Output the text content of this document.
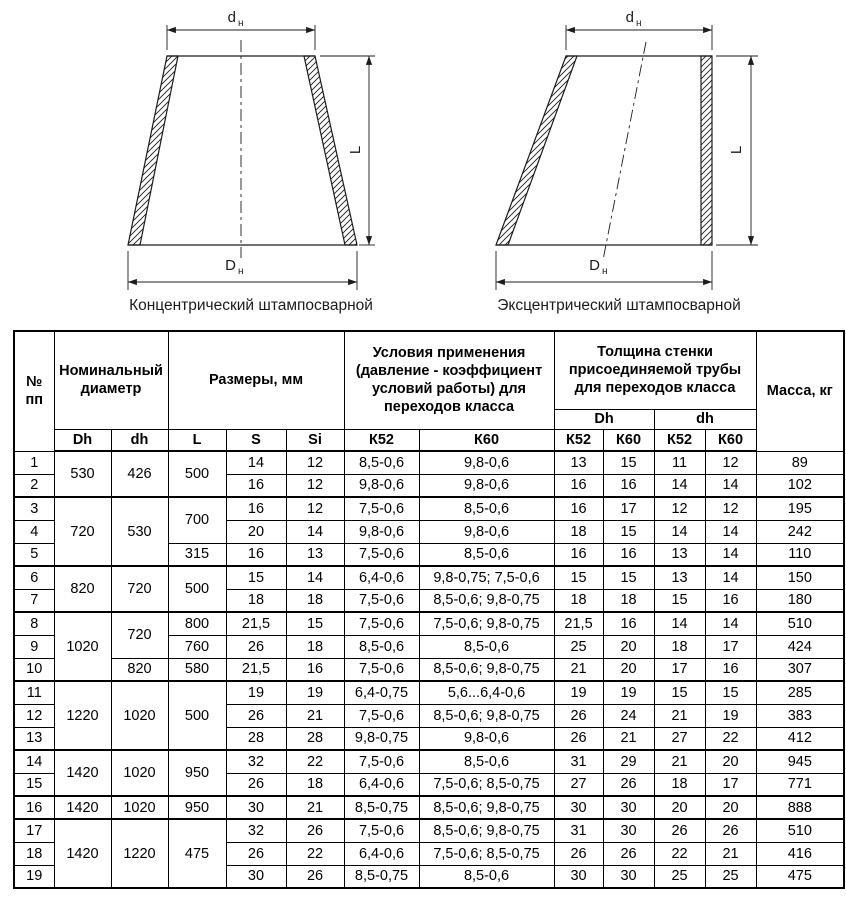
d н
D н
L
Концентрический штампосварной
d н
D н
L
Эксцентрический штампосварной
№ пп	Номинальный диаметр		Размеры, мм			Условия применения (давление - коэффициент условий работы) для переходов класса		Толщина стенки присоединяемой трубы для переходов класса				Масса, кг
								Dh		dh		
	Dh	dh	L	S	Si	К52	К60	К52	К60	К52	К60	
1	530	426	500	14	12	8,5-0,6	9,8-0,6	13	15	11	12	89
2				16	12	9,8-0,6	9,8-0,6	16	16	14	14	102
3	720	530	700	16	12	7,5-0,6	8,5-0,6	16	17	12	12	195
4				20	14	9,8-0,6	9,8-0,6	18	15	14	14	242
5			315	16	13	7,5-0,6	8,5-0,6	16	16	13	14	110
6	820	720	500	15	14	6,4-0,6	9,8-0,75; 7,5-0,6	15	15	13	14	150
7				18	18	7,5-0,6	8,5-0,6; 9,8-0,75	18	18	15	16	180
8	1020	720	800	21,5	15	7,5-0,6	7,5-0,6; 9,8-0,75	21,5	16	14	14	510
9			760	26	18	8,5-0,6	8,5-0,6	25	20	18	17	424
10		820	580	21,5	16	7,5-0,6	8,5-0,6; 9,8-0,75	21	20	17	16	307
11	1220	1020	500	19	19	6,4-0,75	5,6...6,4-0,6	19	19	15	15	285
12				26	21	7,5-0,6	8,5-0,6; 9,8-0,75	26	24	21	19	383
13				28	28	9,8-0,75	9,8-0,6	26	21	27	22	412
14	1420	1020	950	32	22	7,5-0,6	8,5-0,6	31	29	21	20	945
15				26	18	6,4-0,6	7,5-0,6; 8,5-0,75	27	26	18	17	771
16	1420	1020	950	30	21	8,5-0,75	8,5-0,6; 9,8-0,75	30	30	20	20	888
17	1420	1220	475	32	26	7,5-0,6	8,5-0,6; 9,8-0,75	31	30	26	26	510
18				26	22	6,4-0,6	7,5-0,6; 8,5-0,75	26	26	22	21	416
19				30	26	8,5-0,75	8,5-0,6	30	30	25	25	475
